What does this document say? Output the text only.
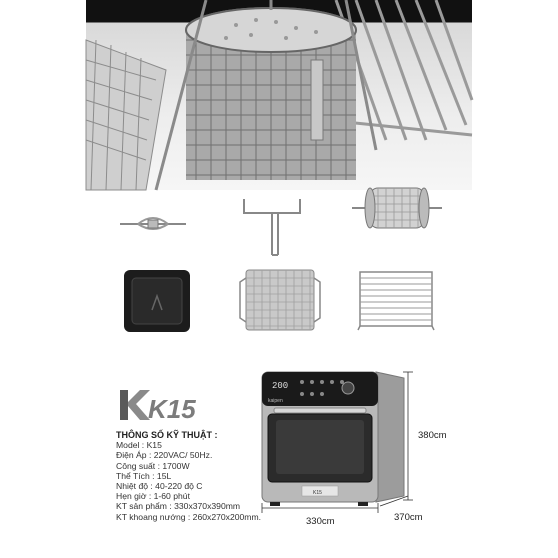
K15
THÔNG SỐ KỸ THUẬT :
Model : K15
Điện Áp : 220VAC/ 50Hz.
Công suất : 1700W
Thể Tích : 15L
Nhiệt độ : 40-220 độ C
Hẹn giờ : 1-60 phút
KT sản phẩm : 330x370x390mm
KT khoang nướng : 260x270x200mm.
200
kaipen
K15
380cm
330cm	370cm
